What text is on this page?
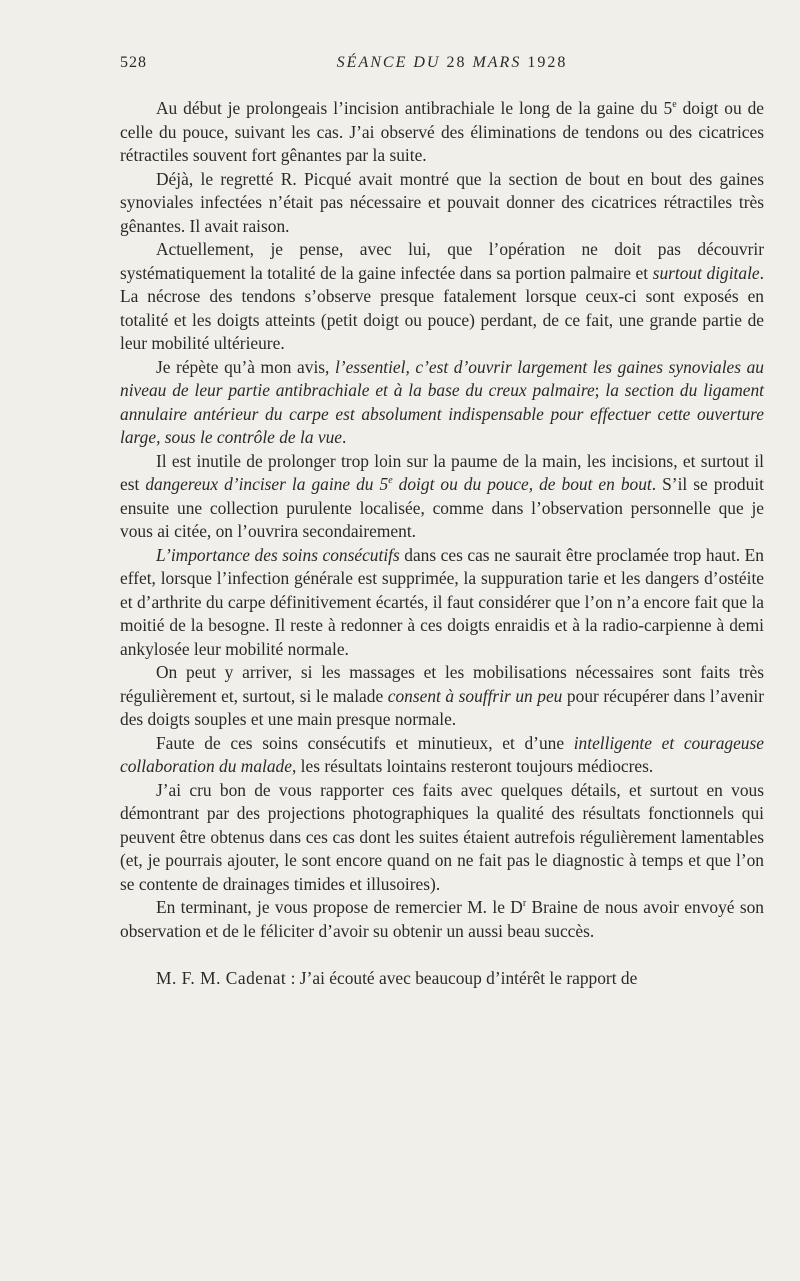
528	SÉANCE DU 28 MARS 1928

Au début je prolongeais l’incision antibrachiale le long de la gaine du 5e doigt ou de celle du pouce, suivant les cas. J’ai observé des éliminations de tendons ou des cicatrices rétractiles souvent fort gênantes par la suite.

Déjà, le regretté R. Picqué avait montré que la section de bout en bout des gaines synoviales infectées n’était pas nécessaire et pouvait donner des cicatrices rétractiles très gênantes. Il avait raison.

Actuellement, je pense, avec lui, que l’opération ne doit pas découvrir systématiquement la totalité de la gaine infectée dans sa portion palmaire et surtout digitale. La nécrose des tendons s’observe presque fatalement lorsque ceux-ci sont exposés en totalité et les doigts atteints (petit doigt ou pouce) perdant, de ce fait, une grande partie de leur mobilité ultérieure.

Je répète qu’à mon avis, l’essentiel, c’est d’ouvrir largement les gaines synoviales au niveau de leur partie antibrachiale et à la base du creux palmaire; la section du ligament annulaire antérieur du carpe est absolument indispensable pour effectuer cette ouverture large, sous le contrôle de la vue.

Il est inutile de prolonger trop loin sur la paume de la main, les incisions, et surtout il est dangereux d’inciser la gaine du 5e doigt ou du pouce, de bout en bout. S’il se produit ensuite une collection purulente localisée, comme dans l’observation personnelle que je vous ai citée, on l’ouvrira secondairement.

L’importance des soins consécutifs dans ces cas ne saurait être proclamée trop haut. En effet, lorsque l’infection générale est supprimée, la suppuration tarie et les dangers d’ostéite et d’arthrite du carpe définitivement écartés, il faut considérer que l’on n’a encore fait que la moitié de la besogne. Il reste à redonner à ces doigts enraidis et à la radio-carpienne à demi ankylosée leur mobilité normale.

On peut y arriver, si les massages et les mobilisations nécessaires sont faits très régulièrement et, surtout, si le malade consent à souffrir un peu pour récupérer dans l’avenir des doigts souples et une main presque normale.

Faute de ces soins consécutifs et minutieux, et d’une intelligente et courageuse collaboration du malade, les résultats lointains resteront toujours médiocres.

J’ai cru bon de vous rapporter ces faits avec quelques détails, et surtout en vous démontrant par des projections photographiques la qualité des résultats fonctionnels qui peuvent être obtenus dans ces cas dont les suites étaient autrefois régulièrement lamentables (et, je pourrais ajouter, le sont encore quand on ne fait pas le diagnostic à temps et que l’on se contente de drainages timides et illusoires).

En terminant, je vous propose de remercier M. le $D^r$ Braine de nous avoir envoyé son observation et de le féliciter d’avoir su obtenir un aussi beau succès.

M. F. M. Cadenat : J’ai écouté avec beaucoup d’intérêt le rapport de
